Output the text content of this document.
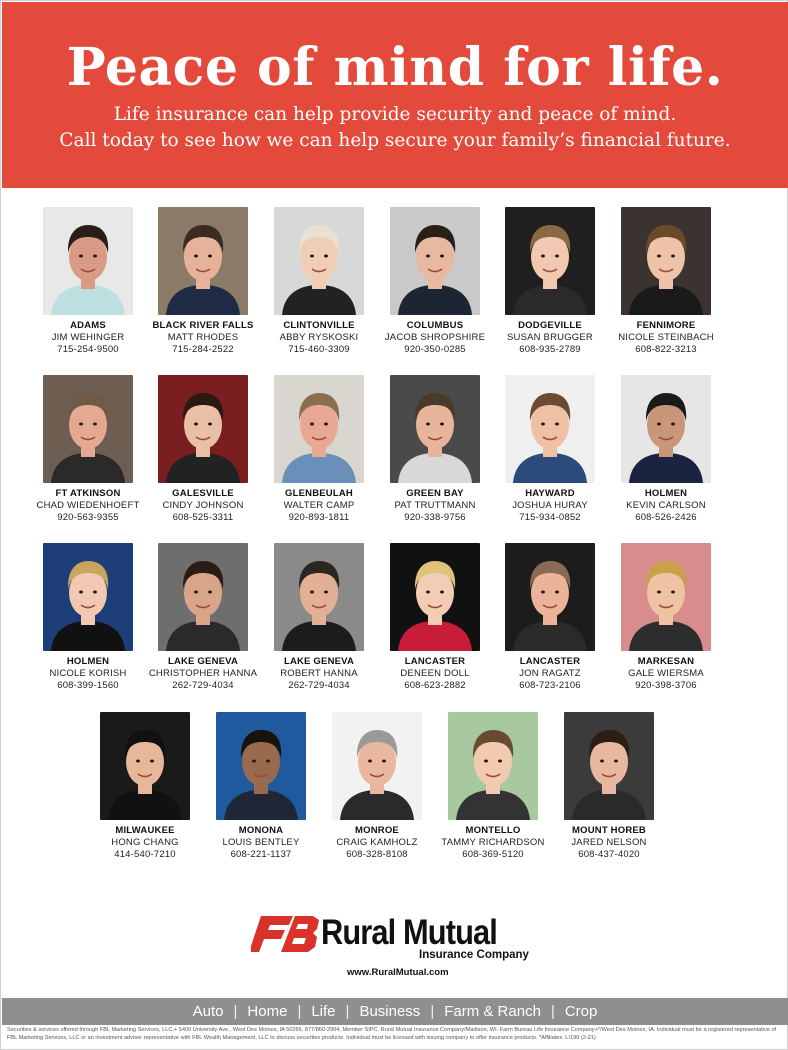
Peace of mind for life.

Life insurance can help provide security and peace of mind.

Call today to see how we can help secure your family’s financial future.

ADAMS
JIM WEHINGER
715-254-9500
BLACK RIVER FALLS
MATT RHODES
715-284-2522
CLINTONVILLE
ABBY RYSKOSKI
715-460-3309
COLUMBUS
JACOB SHROPSHIRE
920-350-0285
DODGEVILLE
SUSAN BRUGGER
608-935-2789
FENNIMORE
NICOLE STEINBACH
608-822-3213
FT ATKINSON
CHAD WIEDENHOEFT
920-563-9355
GALESVILLE
CINDY JOHNSON
608-525-3311
GLENBEULAH
WALTER CAMP
920-893-1811
GREEN BAY
PAT TRUTTMANN
920-338-9756
HAYWARD
JOSHUA HURAY
715-934-0852
HOLMEN
KEVIN CARLSON
608-526-2426
HOLMEN
NICOLE KORISH
608-399-1560
LAKE GENEVA
CHRISTOPHER HANNA
262-729-4034
LAKE GENEVA
ROBERT HANNA
262-729-4034
LANCASTER
DENEEN DOLL
608-623-2882
LANCASTER
JON RAGATZ
608-723-2106
MARKESAN
GALE WIERSMA
920-398-3706
MILWAUKEE
HONG CHANG
414-540-7210
MONONA
LOUIS BENTLEY
608-221-1137
MONROE
CRAIG KAMHOLZ
608-328-8108
MONTELLO
TAMMY RICHARDSON
608-369-5120
MOUNT HOREB
JARED NELSON
608-437-4020
Rural Mutual
Insurance Company
www.RuralMutual.com
Auto | Home | Life | Business | Farm & Ranch | Crop
Securities & services offered through FBL Marketing Services, LLC,+ 5400 University Ave., West Des Moines, IA 50266, 877/860-2904, Member SIPC. Rural Mutual Insurance Company/Madison, WI. Farm Bureau Life Insurance Company+*/West Des Moines, IA. Individual must be a registered representative of FBL Marketing Services, LLC or an investment adviser representative with FBL Wealth Management, LLC to discuss securities products. Individual must be licensed with issuing company to offer insurance products. *Affiliates. LI199 (2-21)
